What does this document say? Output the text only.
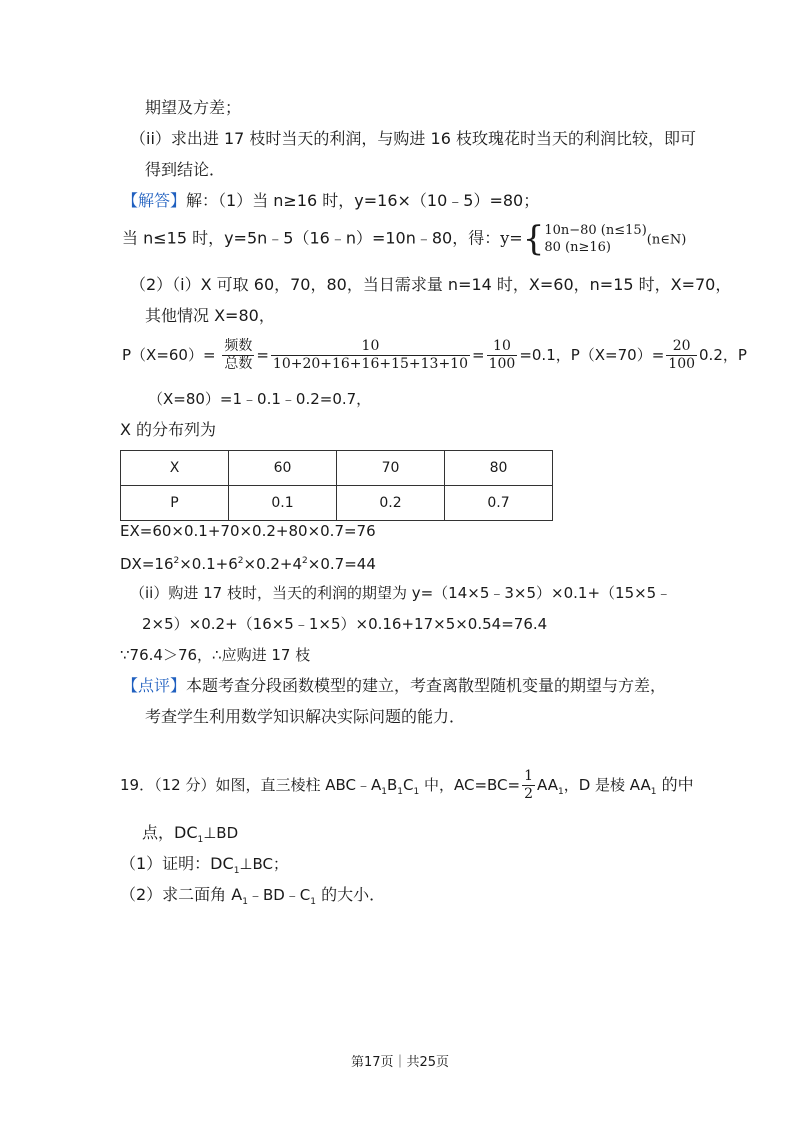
期望及方差；
（ii）求出进 17 枝时当天的利润，与购进 16 枝玫瑰花时当天的利润比较，即可
得到结论．
【解答】解：（1）当 n≥16 时，y=16×（10﹣5）=80；
当 n≤15 时，y=5n﹣5（16﹣n）=10n﹣80，得：y={ 10n−80 (n≤15)
80 (n≥16)	(n∈N)
（2）（i）X 可取 60，70，80，当日需求量 n=14 时，X=60，n=15 时，X=70，
其他情况 X=80，
$P(X=60)= \frac{\text{频数}}{\text{总数}} = \frac{10}{10+20+16+16+15+13+10} = \frac{10}{100} =0.1$，$P(X=70)= \frac{20}{100} 0.2$，P
（X=80）=1﹣0.1﹣0.2=0.7，
X 的分布列为
X	60	70	80
P	0.1	0.2	0.7
EX=60×0.1+70×0.2+80×0.7=76
$DX=16^2\times 0.1+6^2\times 0.2+4^2\times 0.7=44$
（ii）购进 17 枝时，当天的利润的期望为 y=（14×5﹣3×5）×0.1+（15×5﹣
2×5）×0.2+（16×5﹣1×5）×0.16+17×5×0.54=76.4
∵76.4＞76，∴应购进 17 枝
【点评】本题考查分段函数模型的建立，考查离散型随机变量的期望与方差，
考查学生利用数学知识解决实际问题的能力．
19．（12 分）如图，直三棱柱 $ABC﹣A_1B_1C_1$ 中，$AC=BC= \frac{1}{2} AA_1$，D 是棱 $AA_1$ 的中
点，$DC_1\perp BD$
（1）证明：$DC_1\perp BC$；
（2）求二面角 $A_1﹣BD﹣C_1$ 的大小．
第17页｜共25页
